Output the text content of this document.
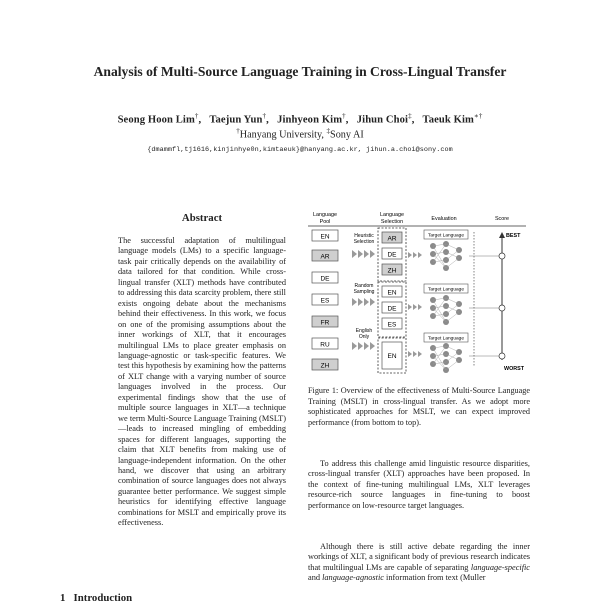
Analysis of Multi-Source Language Training in Cross-Lingual Transfer
Seong Hoon Lim†,   Taejun Yun†,   Jinhyeon Kim†,   Jihun Choi‡,   Taeuk Kim∗†
†Hanyang University, ‡Sony AI
{dmammfl,tj1616,kinjinhye0n,kimtaeuk}@hanyang.ac.kr, jihun.a.choi@sony.com
Abstract
The successful adaptation of multilingual language models (LMs) to a specific language-task pair critically depends on the availability of data tailored for that condition. While cross-lingual transfer (XLT) methods have contributed to addressing this data scarcity problem, there still exists ongoing debate about the mechanisms behind their effectiveness. In this work, we focus on one of the promising assumptions about the inner workings of XLT, that it encourages multilingual LMs to place greater emphasis on language-agnostic or task-specific features. We test this hypothesis by examining how the patterns of XLT change with a varying number of source languages involved in the process. Our experimental findings show that the use of multiple source languages in XLT—a technique we term Multi-Source Language Training (MSLT)—leads to increased mingling of embedding spaces for different languages, supporting the claim that XLT benefits from making use of language-independent information. On the other hand, we discover that using an arbitrary combination of source languages does not always guarantee better performance. We suggest simple heuristics for identifying effective language combinations for MSLT and empirically prove its effectiveness.
1 Introduction
Language
Pool
Language
Selection	Evaluation	Score
EN
AR
DE
ES
FR
RU
ZH
Heuristic
Selection
Random
Sampling
English
Only
AR
DE
ZH
EN
DE
ES
EN
Target Language
Target Language
Target Language
BEST
WORST
Figure 1: Overview of the effectiveness of Multi-Source Language Training (MSLT) in cross-lingual transfer. As we adopt more sophisticated approaches for MSLT, we can expect improved performance (from bottom to top).
To address this challenge amid linguistic resource disparities, cross-lingual transfer (XLT) approaches have been proposed. In the context of fine-tuning multilingual LMs, XLT leverages resource-rich source languages in fine-tuning to boost performance on low-resource target languages.
Although there is still active debate regarding the inner workings of XLT, a significant body of previous research indicates that multilingual LMs are capable of separating language-specific and language-agnostic information from text (Muller
